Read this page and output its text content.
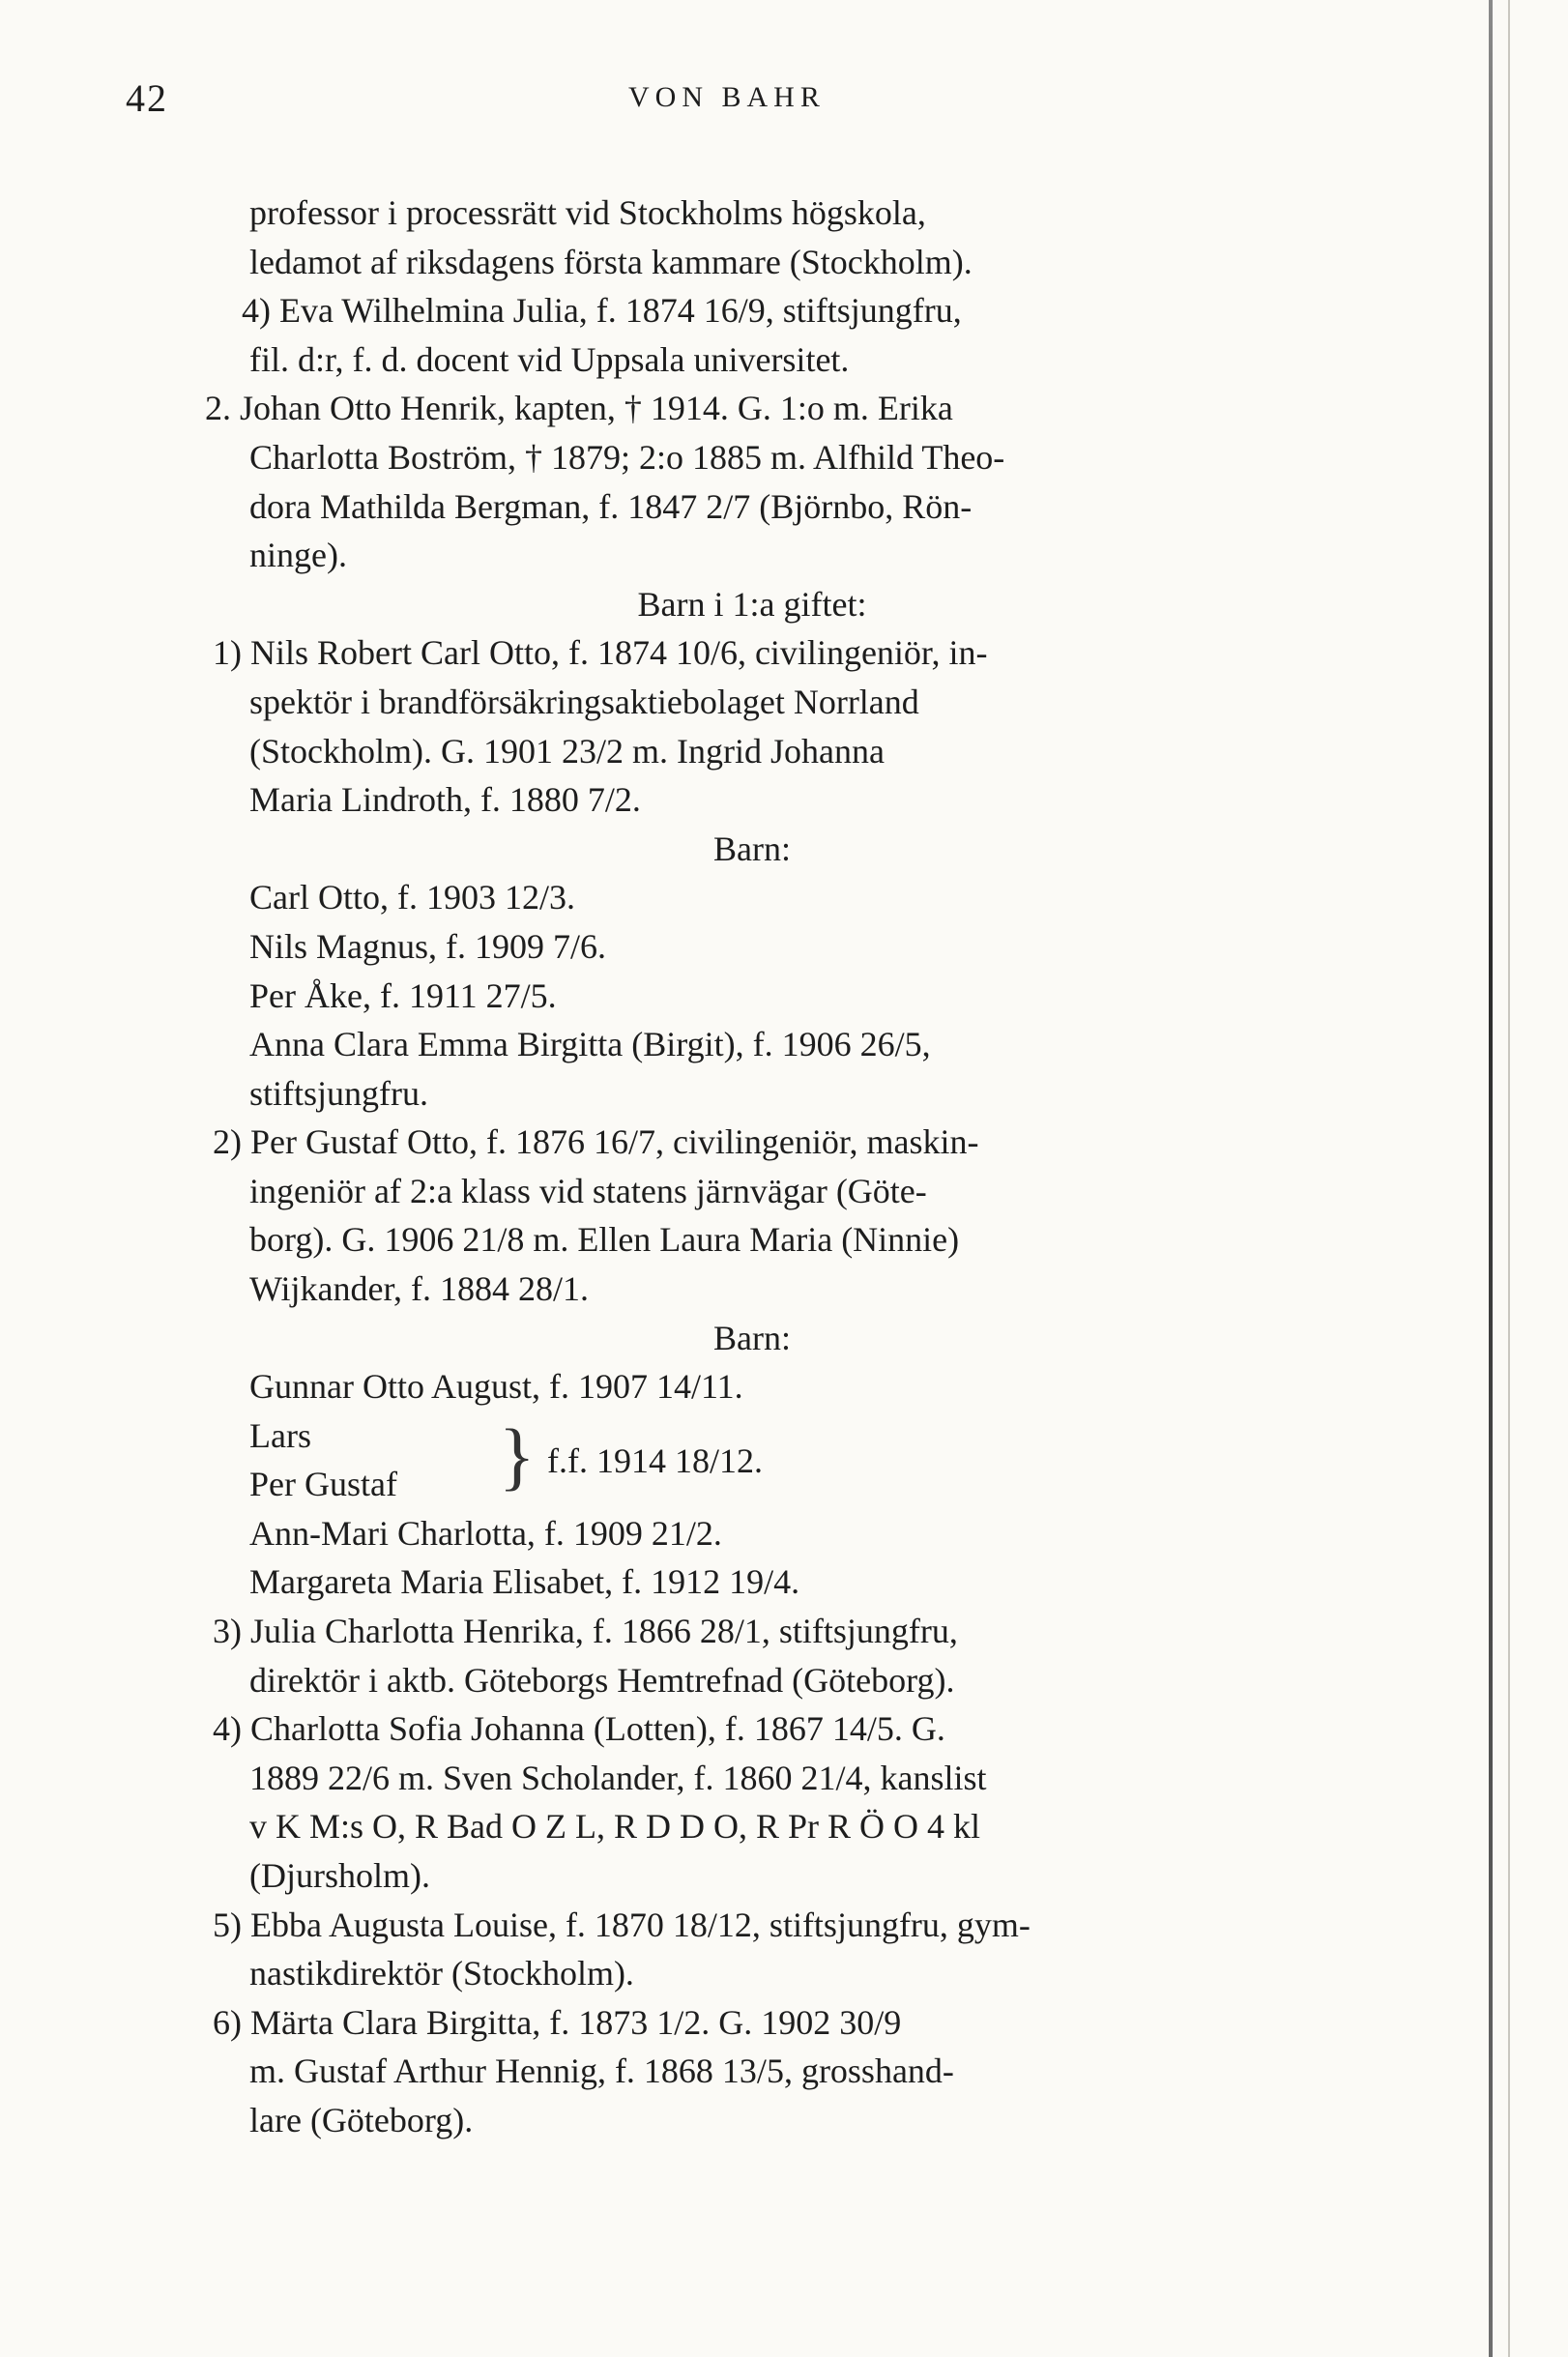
42	VON BAHR
professor i processrätt vid Stockholms högskola,
ledamot af riksdagens första kammare (Stockholm).
4) Eva Wilhelmina Julia, f. 1874 16/9, stiftsjungfru,
fil. d:r, f. d. docent vid Uppsala universitet.
2. Johan Otto Henrik, kapten, † 1914. G. 1:o m. Erika
Charlotta Boström, † 1879; 2:o 1885 m. Alfhild Theo-
dora Mathilda Bergman, f. 1847 2/7 (Björnbo, Rön-
ninge).
Barn i 1:a giftet:
1) Nils Robert Carl Otto, f. 1874 10/6, civilingeniör, in-
spektör i brandförsäkringsaktiebolaget Norrland
(Stockholm). G. 1901 23/2 m. Ingrid Johanna
Maria Lindroth, f. 1880 7/2.
Barn:
Carl Otto, f. 1903 12/3.
Nils Magnus, f. 1909 7/6.
Per Åke, f. 1911 27/5.
Anna Clara Emma Birgitta (Birgit), f. 1906 26/5,
stiftsjungfru.
2) Per Gustaf Otto, f. 1876 16/7, civilingeniör, maskin-
ingeniör af 2:a klass vid statens järnvägar (Göte-
borg). G. 1906 21/8 m. Ellen Laura Maria (Ninnie)
Wijkander, f. 1884 28/1.
Barn:
Gunnar Otto August, f. 1907 14/11.
Lars
Per Gustaf } f.f. 1914 18/12.
Ann-Mari Charlotta, f. 1909 21/2.
Margareta Maria Elisabet, f. 1912 19/4.
3) Julia Charlotta Henrika, f. 1866 28/1, stiftsjungfru,
direktör i aktb. Göteborgs Hemtrefnad (Göteborg).
4) Charlotta Sofia Johanna (Lotten), f. 1867 14/5. G.
1889 22/6 m. Sven Scholander, f. 1860 21/4, kanslist
v K M:s O, R Bad O Z L, R D D O, R Pr R Ö O 4 kl
(Djursholm).
5) Ebba Augusta Louise, f. 1870 18/12, stiftsjungfru, gym-
nastikdirektör (Stockholm).
6) Märta Clara Birgitta, f. 1873 1/2. G. 1902 30/9
m. Gustaf Arthur Hennig, f. 1868 13/5, grosshand-
lare (Göteborg).
